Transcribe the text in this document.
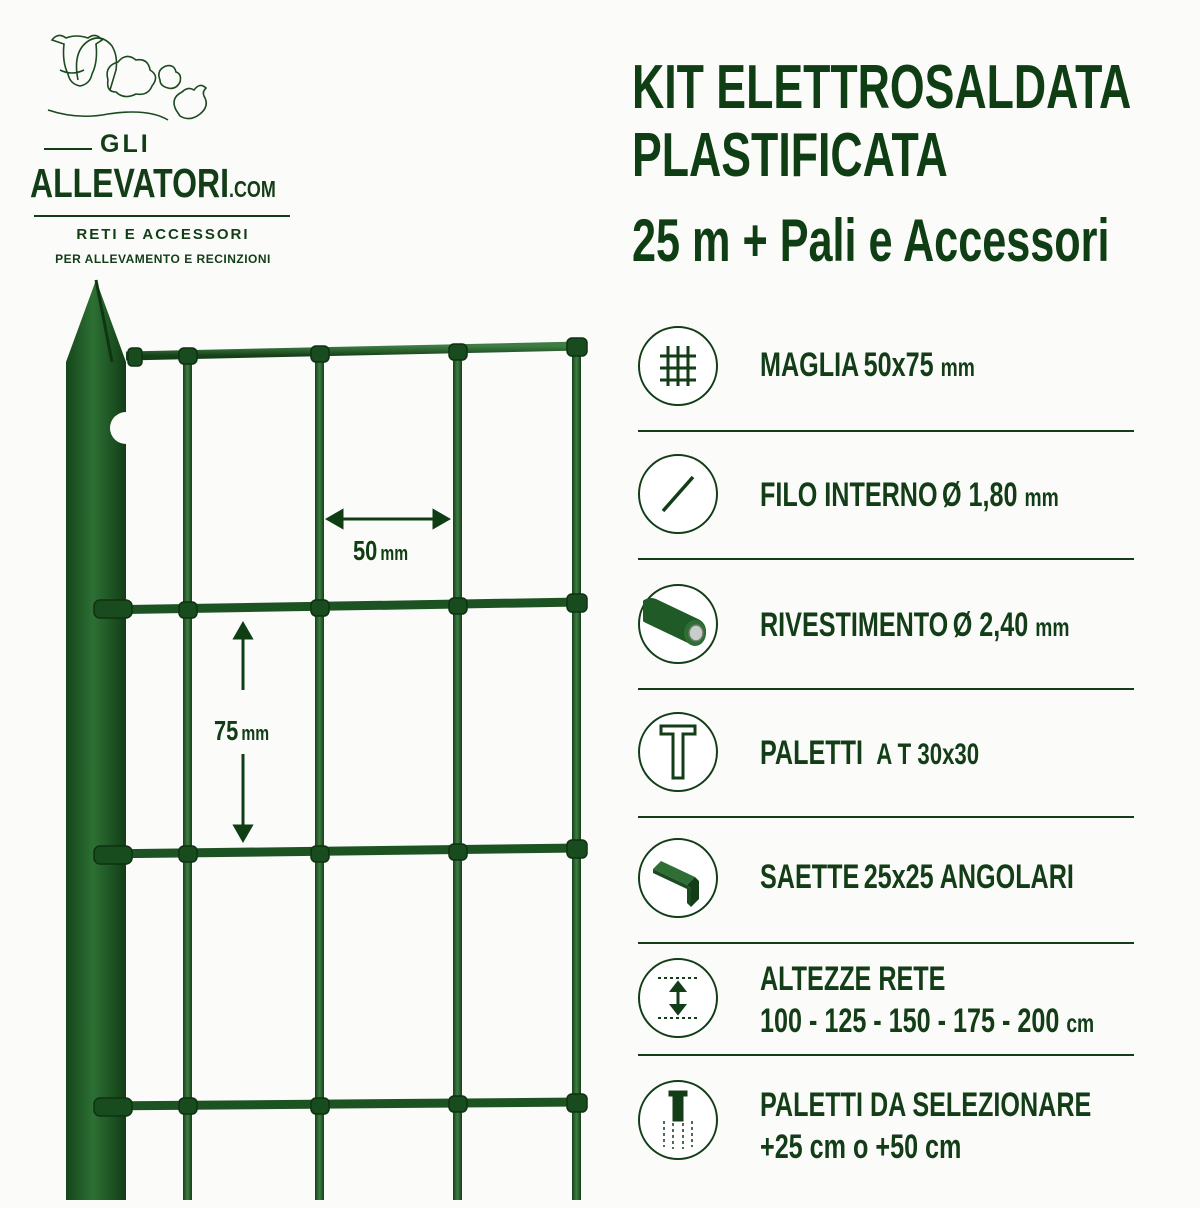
GLI
ALLEVATORI.COM
RETI E ACCESSORI
PER ALLEVAMENTO E RECINZIONI
KIT ELETTROSALDATA
PLASTIFICATA
25 m + Pali e Accessori
50 mm
75 mm
MAGLIA 50x75 mm
FILO INTERNO Ø 1,80 mm
RIVESTIMENTO Ø 2,40 mm
PALETTI A T 30x30
SAETTE 25x25 ANGOLARI
ALTEZZE RETE
100 - 125 - 150 - 175 - 200 cm
PALETTI DA SELEZIONARE
+25 cm o +50 cm
